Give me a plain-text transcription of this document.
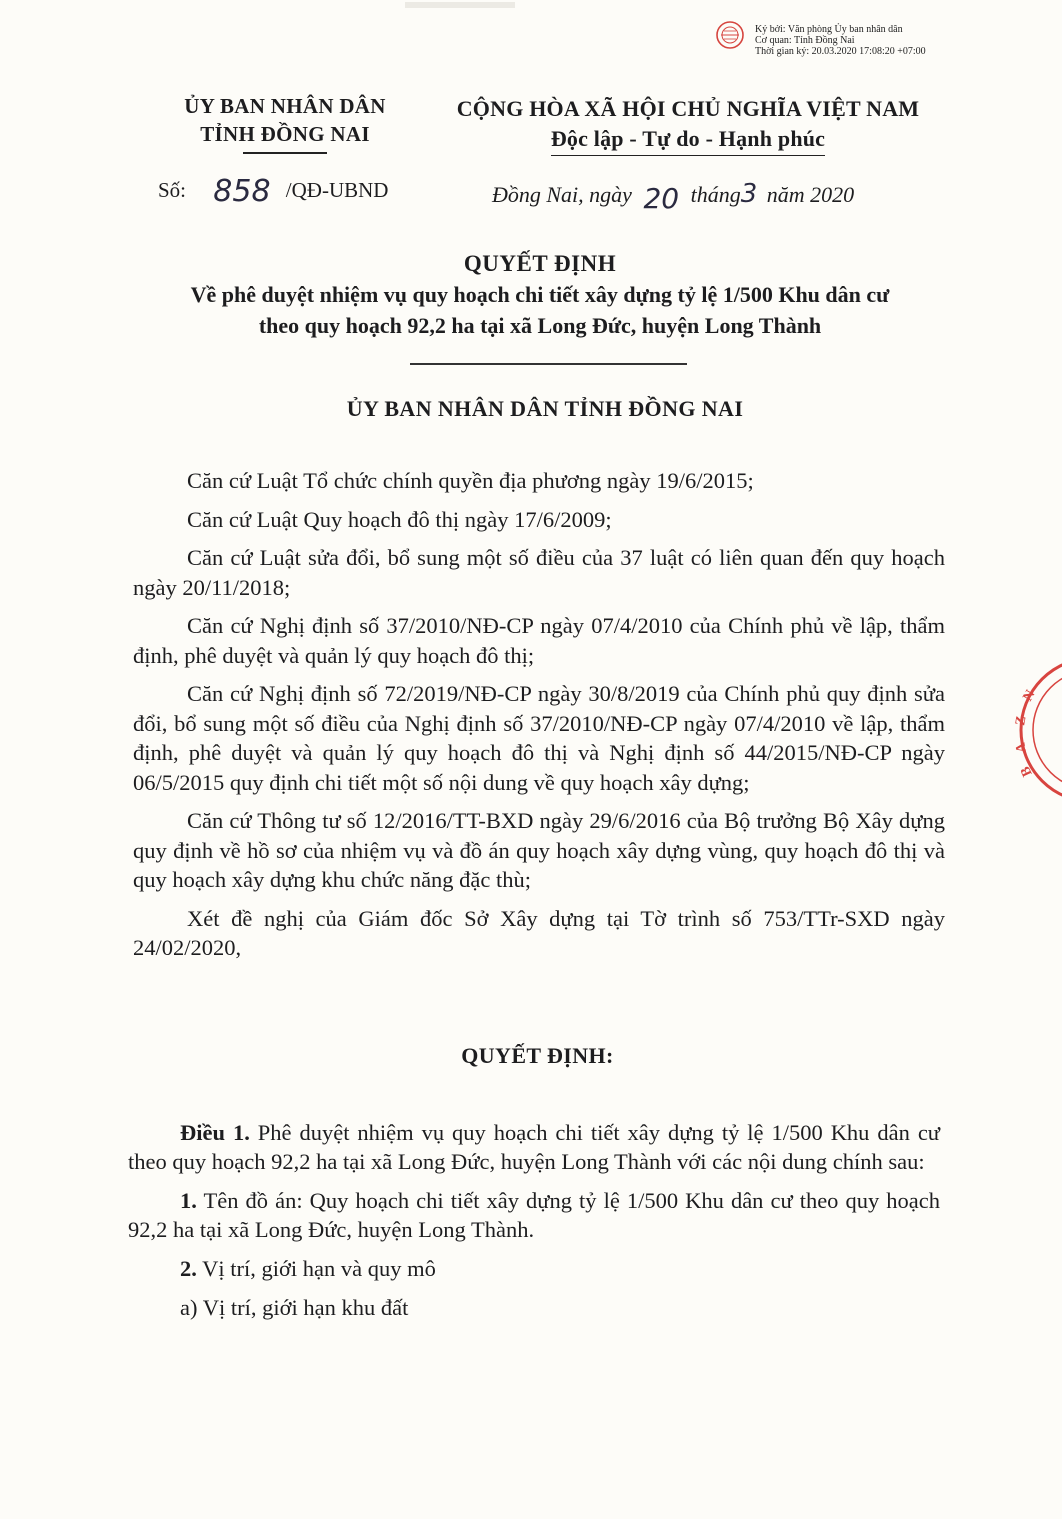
Ký bởi: Văn phòng Ủy ban nhân dân
Cơ quan: Tỉnh Đồng Nai
Thời gian ký: 20.03.2020 17:08:20 +07:00
ỦY BAN NHÂN DÂN
TỈNH ĐỒNG NAI
CỘNG HÒA XÃ HỘI CHỦ NGHĨA VIỆT NAM
Độc lập - Tự do - Hạnh phúc
Số: 858 /QĐ-UBND	Đồng Nai, ngày 20 tháng3 năm 2020
QUYẾT ĐỊNH
Về phê duyệt nhiệm vụ quy hoạch chi tiết xây dựng tỷ lệ 1/500 Khu dân cư
theo quy hoạch 92,2 ha tại xã Long Đức, huyện Long Thành
ỦY BAN NHÂN DÂN TỈNH ĐỒNG NAI

Căn cứ Luật Tổ chức chính quyền địa phương ngày 19/6/2015;

Căn cứ Luật Quy hoạch đô thị ngày 17/6/2009;

Căn cứ Luật sửa đổi, bổ sung một số điều của 37 luật có liên quan đến quy hoạch ngày 20/11/2018;

Căn cứ Nghị định số 37/2010/NĐ-CP ngày 07/4/2010 của Chính phủ về lập, thẩm định, phê duyệt và quản lý quy hoạch đô thị;

Căn cứ Nghị định số 72/2019/NĐ-CP ngày 30/8/2019 của Chính phủ quy định sửa đổi, bổ sung một số điều của Nghị định số 37/2010/NĐ-CP ngày 07/4/2010 về lập, thẩm định, phê duyệt và quản lý quy hoạch đô thị và Nghị định số 44/2015/NĐ-CP ngày 06/5/2015 quy định chi tiết một số nội dung về quy hoạch xây dựng;

Căn cứ Thông tư số 12/2016/TT-BXD ngày 29/6/2016 của Bộ trưởng Bộ Xây dựng quy định về hồ sơ của nhiệm vụ và đồ án quy hoạch xây dựng vùng, quy hoạch đô thị và quy hoạch xây dựng khu chức năng đặc thù;

Xét đề nghị của Giám đốc Sở Xây dựng tại Tờ trình số 753/TTr-SXD ngày 24/02/2020,

QUYẾT ĐỊNH:

Điều 1. Phê duyệt nhiệm vụ quy hoạch chi tiết xây dựng tỷ lệ 1/500 Khu dân cư theo quy hoạch 92,2 ha tại xã Long Đức, huyện Long Thành với các nội dung chính sau:

1. Tên đồ án: Quy hoạch chi tiết xây dựng tỷ lệ 1/500 Khu dân cư theo quy hoạch 92,2 ha tại xã Long Đức, huyện Long Thành.

2. Vị trí, giới hạn và quy mô

a) Vị trí, giới hạn khu đất

N
Z
A
B
